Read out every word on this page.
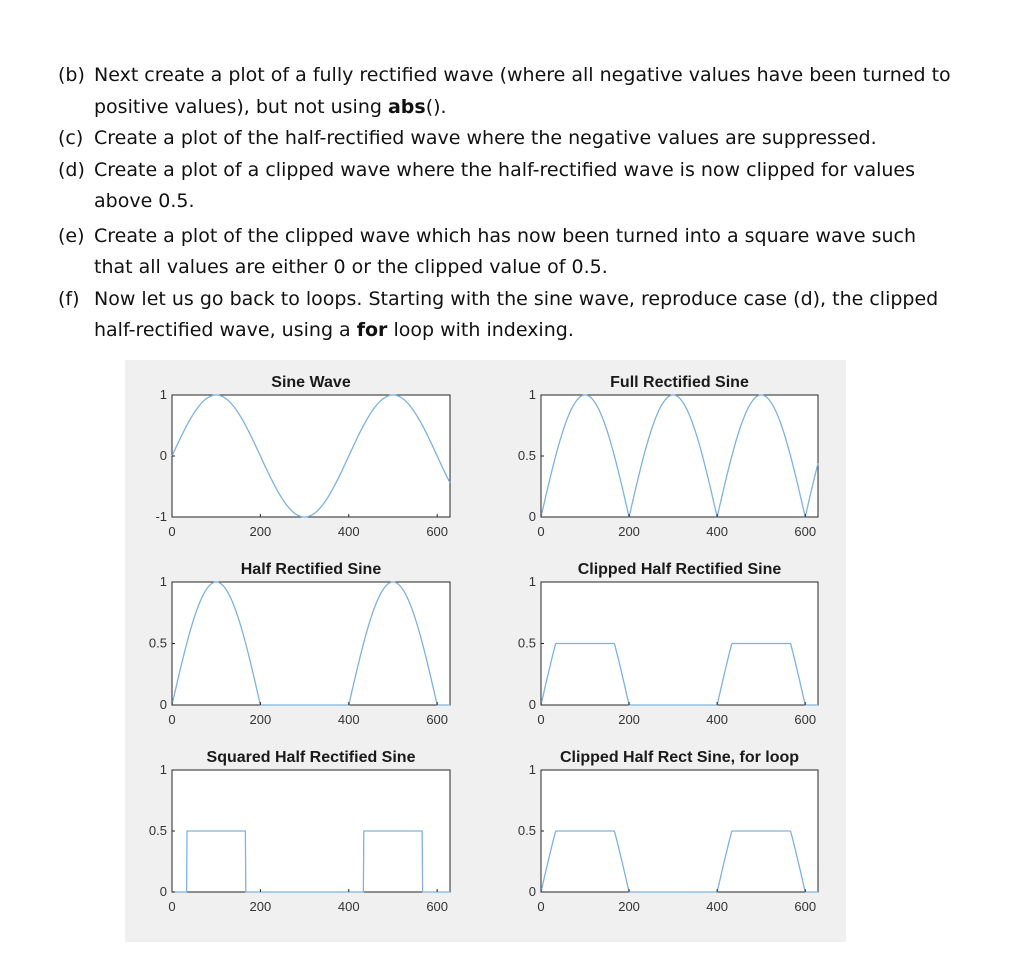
(b) Next create a plot of a fully rectified wave (where all negative values have been turned to positive values), but not using abs().
(c) Create a plot of the half-rectified wave where the negative values are suppressed.
(d) Create a plot of a clipped wave where the half-rectified wave is now clipped for values above 0.5.
(e) Create a plot of the clipped wave which has now been turned into a square wave such that all values are either 0 or the clipped value of 0.5.
(f) Now let us go back to loops. Starting with the sine wave, reproduce case (d), the clipped half-rectified wave, using a for loop with indexing.
0	200	400	600
-1
0
1
Sine Wave
0	200	400	600
0
0.5
1
Full Rectified Sine
0	200	400	600
0
0.5
1
Half Rectified Sine
0	200	400	600
0
0.5
1
Clipped Half Rectified Sine
0	200	400	600
0
0.5
1
Squared Half Rectified Sine
0	200	400	600
0
0.5
1
Clipped Half Rect Sine, for loop
